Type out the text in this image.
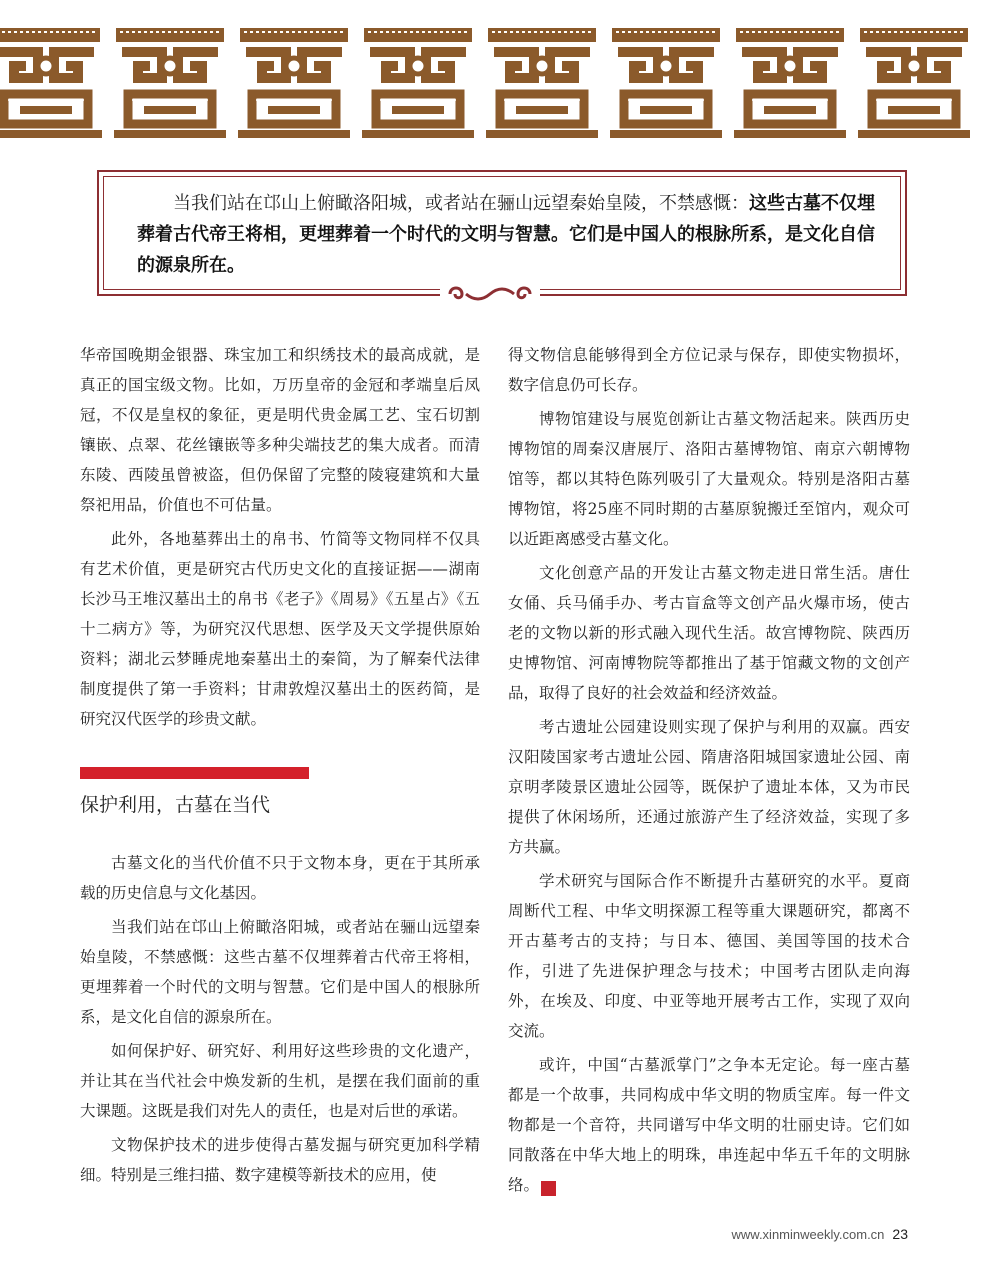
当我们站在邙山上俯瞰洛阳城，或者站在骊山远望秦始皇陵，不禁感慨：这些古墓不仅埋葬着古代帝王将相，更埋葬着一个时代的文明与智慧。它们是中国人的根脉所系，是文化自信的源泉所在。

华帝国晚期金银器、珠宝加工和织绣技术的最高成就，是真正的国宝级文物。比如，万历皇帝的金冠和孝端皇后凤冠，不仅是皇权的象征，更是明代贵金属工艺、宝石切割镶嵌、点翠、花丝镶嵌等多种尖端技艺的集大成者。而清东陵、西陵虽曾被盗，但仍保留了完整的陵寝建筑和大量祭祀用品，价值也不可估量。

此外，各地墓葬出土的帛书、竹简等文物同样不仅具有艺术价值，更是研究古代历史文化的直接证据——湖南长沙马王堆汉墓出土的帛书《老子》《周易》《五星占》《五十二病方》等，为研究汉代思想、医学及天文学提供原始资料；湖北云梦睡虎地秦墓出土的秦简，为了解秦代法律制度提供了第一手资料；甘肃敦煌汉墓出土的医药简，是研究汉代医学的珍贵文献。

保护利用，古墓在当代

古墓文化的当代价值不只于文物本身，更在于其所承载的历史信息与文化基因。

当我们站在邙山上俯瞰洛阳城，或者站在骊山远望秦始皇陵，不禁感慨：这些古墓不仅埋葬着古代帝王将相，更埋葬着一个时代的文明与智慧。它们是中国人的根脉所系，是文化自信的源泉所在。

如何保护好、研究好、利用好这些珍贵的文化遗产，并让其在当代社会中焕发新的生机，是摆在我们面前的重大课题。这既是我们对先人的责任，也是对后世的承诺。

文物保护技术的进步使得古墓发掘与研究更加科学精细。特别是三维扫描、数字建模等新技术的应用，使

得文物信息能够得到全方位记录与保存，即使实物损坏，数字信息仍可长存。

博物馆建设与展览创新让古墓文物活起来。陕西历史博物馆的周秦汉唐展厅、洛阳古墓博物馆、南京六朝博物馆等，都以其特色陈列吸引了大量观众。特别是洛阳古墓博物馆，将25座不同时期的古墓原貌搬迁至馆内，观众可以近距离感受古墓文化。

文化创意产品的开发让古墓文物走进日常生活。唐仕女俑、兵马俑手办、考古盲盒等文创产品火爆市场，使古老的文物以新的形式融入现代生活。故宫博物院、陕西历史博物馆、河南博物院等都推出了基于馆藏文物的文创产品，取得了良好的社会效益和经济效益。

考古遗址公园建设则实现了保护与利用的双赢。西安汉阳陵国家考古遗址公园、隋唐洛阳城国家遗址公园、南京明孝陵景区遗址公园等，既保护了遗址本体，又为市民提供了休闲场所，还通过旅游产生了经济效益，实现了多方共赢。

学术研究与国际合作不断提升古墓研究的水平。夏商周断代工程、中华文明探源工程等重大课题研究，都离不开古墓考古的支持；与日本、德国、美国等国的技术合作，引进了先进保护理念与技术；中国考古团队走向海外，在埃及、印度、中亚等地开展考古工作，实现了双向交流。

或许，中国“古墓派掌门”之争本无定论。每一座古墓都是一个故事，共同构成中华文明的物质宝库。每一件文物都是一个音符，共同谱写中华文明的壮丽史诗。它们如同散落在中华大地上的明珠，串连起中华五千年的文明脉络。	民

www.xinminweekly.com.cn 23
